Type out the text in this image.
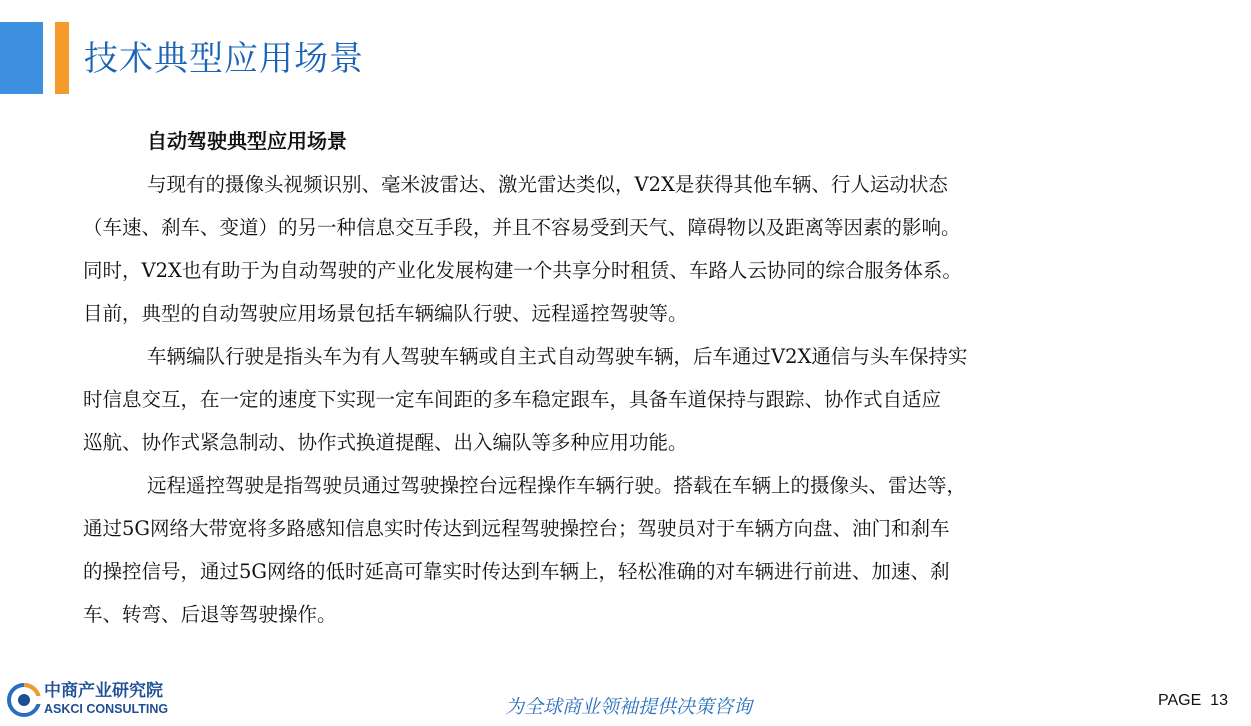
技术典型应用场景
自动驾驶典型应用场景
与现有的摄像头视频识别、毫米波雷达、激光雷达类似，V2X是获得其他车辆、行人运动状态
（车速、刹车、变道）的另一种信息交互手段，并且不容易受到天气、障碍物以及距离等因素的影响。
同时，V2X也有助于为自动驾驶的产业化发展构建一个共享分时租赁、车路人云协同的综合服务体系。
目前，典型的自动驾驶应用场景包括车辆编队行驶、远程遥控驾驶等。
车辆编队行驶是指头车为有人驾驶车辆或自主式自动驾驶车辆，后车通过V2X通信与头车保持实
时信息交互，在一定的速度下实现一定车间距的多车稳定跟车，具备车道保持与跟踪、协作式自适应
巡航、协作式紧急制动、协作式换道提醒、出入编队等多种应用功能。
远程遥控驾驶是指驾驶员通过驾驶操控台远程操作车辆行驶。搭载在车辆上的摄像头、雷达等，
通过5G网络大带宽将多路感知信息实时传达到远程驾驶操控台；驾驶员对于车辆方向盘、油门和刹车
的操控信号，通过5G网络的低时延高可靠实时传达到车辆上，轻松准确的对车辆进行前进、加速、刹
车、转弯、后退等驾驶操作。
中商产业研究院
ASKCI CONSULTING	为全球商业领袖提供决策咨询	PAGE  13
